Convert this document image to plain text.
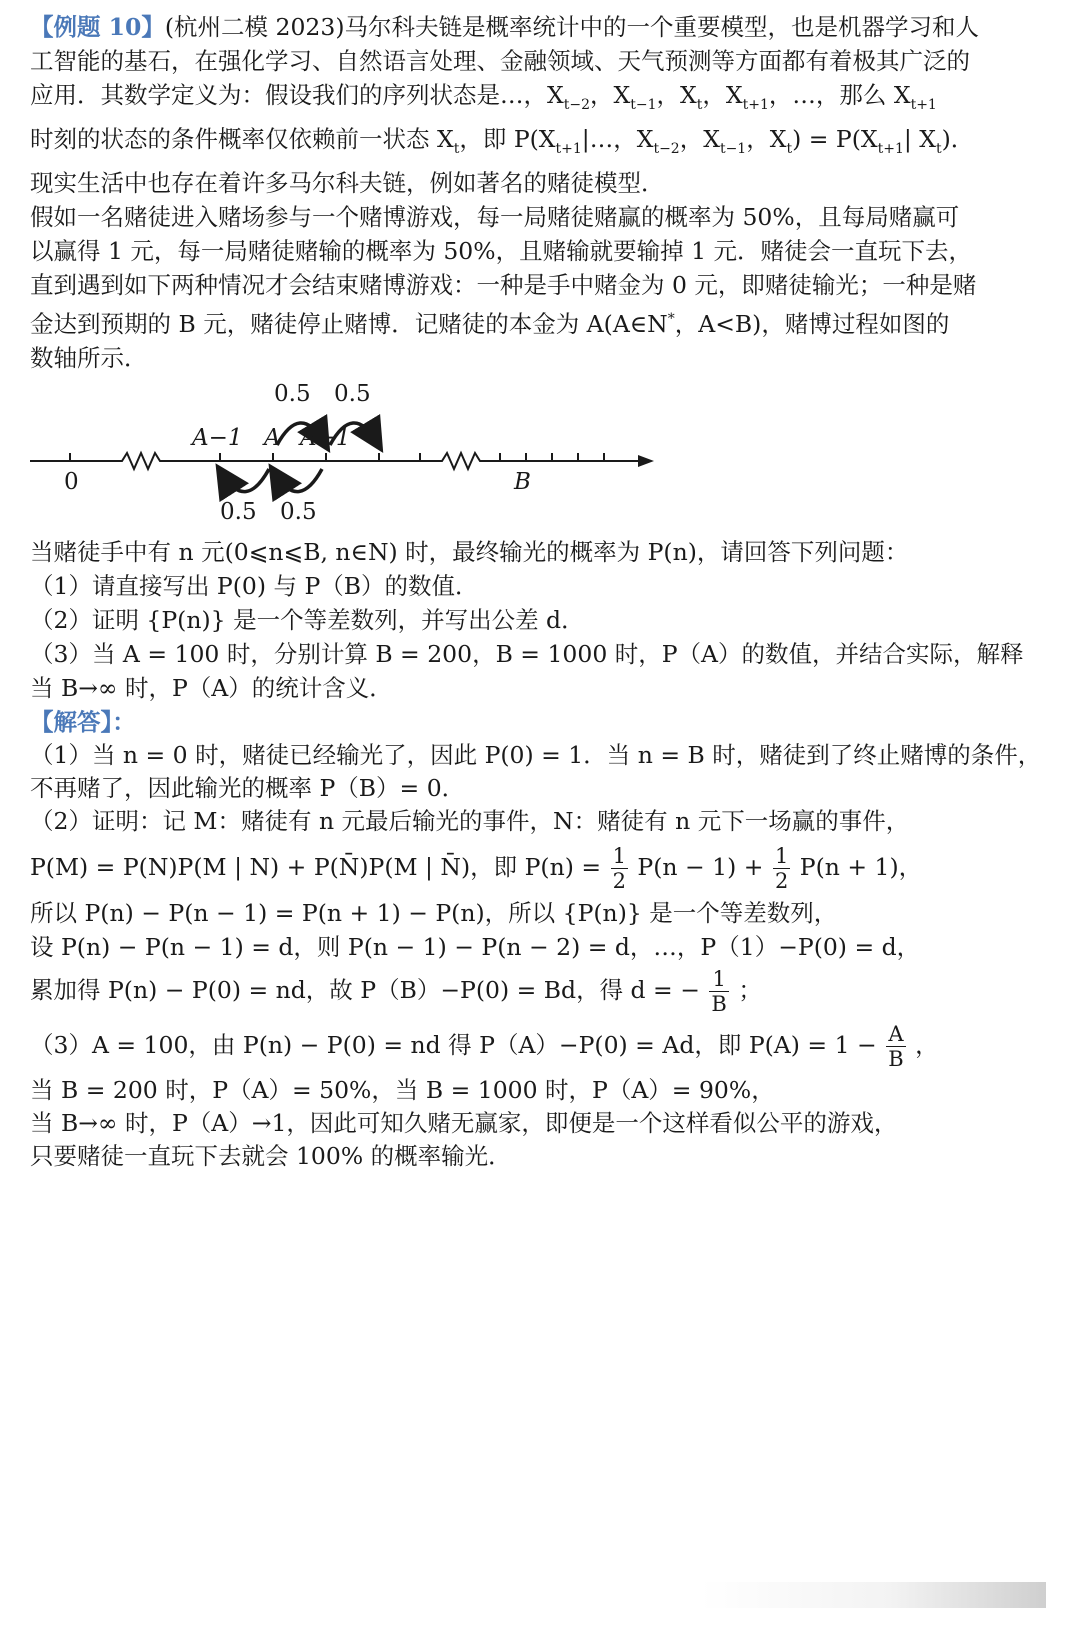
【例题 10】(杭州二模 2023)马尔科夫链是概率统计中的一个重要模型，也是机器学习和人
工智能的基石，在强化学习、自然语言处理、金融领域、天气预测等方面都有着极其广泛的
应用．其数学定义为：假设我们的序列状态是…，$X_{t-2}$，$X_{t-1}$，$X_t$，$X_{t+1}$，…，那么 $X_{t+1}$
时刻的状态的条件概率仅依赖前一状态 $X_t$，即 $P(X_{t+1}|\dots$，$X_{t-2}$，$X_{t-1}$，$X_t) = P(X_{t+1}|$ $X_t$)．
现实生活中也存在着许多马尔科夫链，例如著名的赌徒模型．
假如一名赌徒进入赌场参与一个赌博游戏，每一局赌徒赌赢的概率为 50%，且每局赌赢可
以赢得 1 元，每一局赌徒赌输的概率为 50%，且赌输就要输掉 1 元．赌徒会一直玩下去，
直到遇到如下两种情况才会结束赌博游戏：一种是手中赌金为 0 元，即赌徒输光；一种是赌
金达到预期的 B 元，赌徒停止赌博．记赌徒的本金为 A(A∈N*，A<B)，赌博过程如图的
数轴所示．
0.5 0.5
A−1 A A+1
0	B
0.5 0.5
当赌徒手中有 n 元(0⩽n⩽B, n∈N) 时，最终输光的概率为 P(n)，请回答下列问题：
（1）请直接写出 P(0) 与 P（B）的数值．
（2）证明 {P(n)} 是一个等差数列，并写出公差 d．
（3）当 A = 100 时，分别计算 B = 200，B = 1000 时，P（A）的数值，并结合实际，解释
当 B→∞ 时，P（A）的统计含义．
【解答】：
（1）当 n = 0 时，赌徒已经输光了，因此 P(0) = 1．当 n = B 时，赌徒到了终止赌博的条件，
不再赌了，因此输光的概率 P（B）= 0．
（2）证明：记 M：赌徒有 n 元最后输光的事件，N：赌徒有 n 元下一场赢的事件，
P(M) = P(N)P(M | N) + P(N̄)P(M | N̄)，即 $P(n) = \frac{1}{2} P(n - 1) + \frac{1}{2} P(n + 1)$，
所以 P(n) − P(n − 1) = P(n + 1) − P(n)，所以 {P(n)} 是一个等差数列，
设 P(n) − P(n − 1) = d，则 P(n − 1) − P(n − 2) = d，…，P（1）−P(0) = d，
累加得 P(n) − P(0) = nd，故 P（B）−P(0) = Bd，得 d = − $\frac{1}{B}$ ；
（3）A = 100，由 P(n) − P(0) = nd 得 P（A）−P(0) = Ad，即 $P(A) = 1 - \frac{A}{B}$ ，
当 B = 200 时，P（A）= 50%，当 B = 1000 时，P（A）= 90%，
当 B→∞ 时，P（A）→1，因此可知久赌无赢家，即便是一个这样看似公平的游戏，
只要赌徒一直玩下去就会 100% 的概率输光．
